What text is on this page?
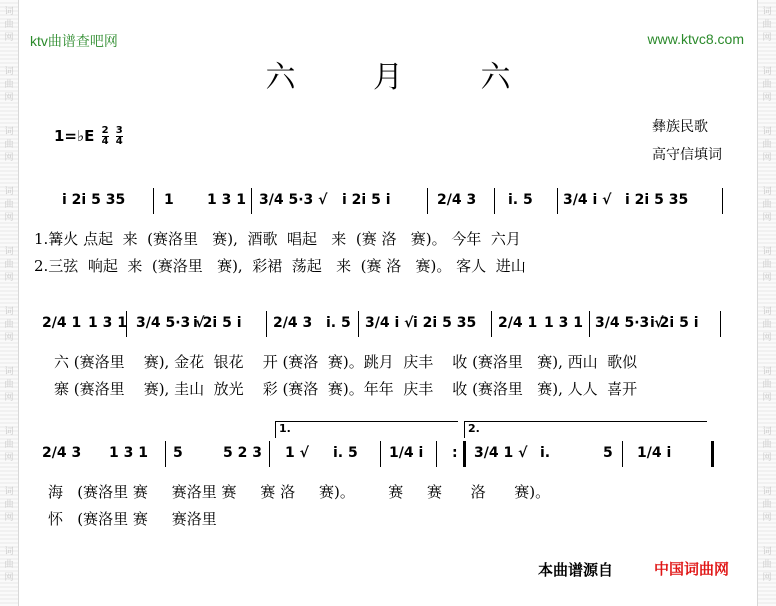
ktv曲谱查吧网	www.ktvc8.com
六 月 六
彝族民歌
高守信填词
1=♭E $\frac{2}{4}$
$\frac{3}{4}$
i 2i 5 35	1 1 3 1 3/4 5·3 √ i 2i 5 i	2/4 3 i. 5 3/4 i √ i 2i 5 35
1.篝火 点起  来  (赛洛里   赛),  酒歌  唱起   来  (赛 洛   赛)。 今年  六月
2.三弦  响起  来  (赛洛里   赛),  彩裙  荡起   来  (赛 洛   赛)。 客人  进山
2/4 1 1 3 1 3/4 5·3 √
i 2i 5 i 2/4 3 i. 5 3/4 i √ i 2i 5 35 2/4 1 1 3 1 3/4 5·3 √
i 2i 5 i
六 (赛洛里    赛), 金花  银花    开 (赛洛  赛)。跳月  庆丰    收 (赛洛里   赛), 西山  歌似
寨 (赛洛里    赛), 圭山  放光    彩 (赛洛  赛)。年年  庆丰    收 (赛洛里   赛), 人人  喜开
2/4 3 1 3 1 5	5 2 3 1 √ i. 5 1/4 i : 3/4 1 √ i.	5 1/4 i
1.	2.
海   (赛洛里 赛     赛洛里 赛     赛 洛     赛)。       赛     赛      洛      赛)。
怀   (赛洛里 赛     赛洛里
本曲谱源自	中国词曲网
词
曲
网
词
曲
网
词
曲
网
词
曲
网
词
曲
网
词
曲
网
词
曲
网
词
曲
网
词
曲
网
词
曲
网
词
曲
网
词
曲
网
词
曲
网
词
曲
网
词
曲
网
词
曲
网
词
曲
网
词
曲
网
词
曲
网
词
曲
网
